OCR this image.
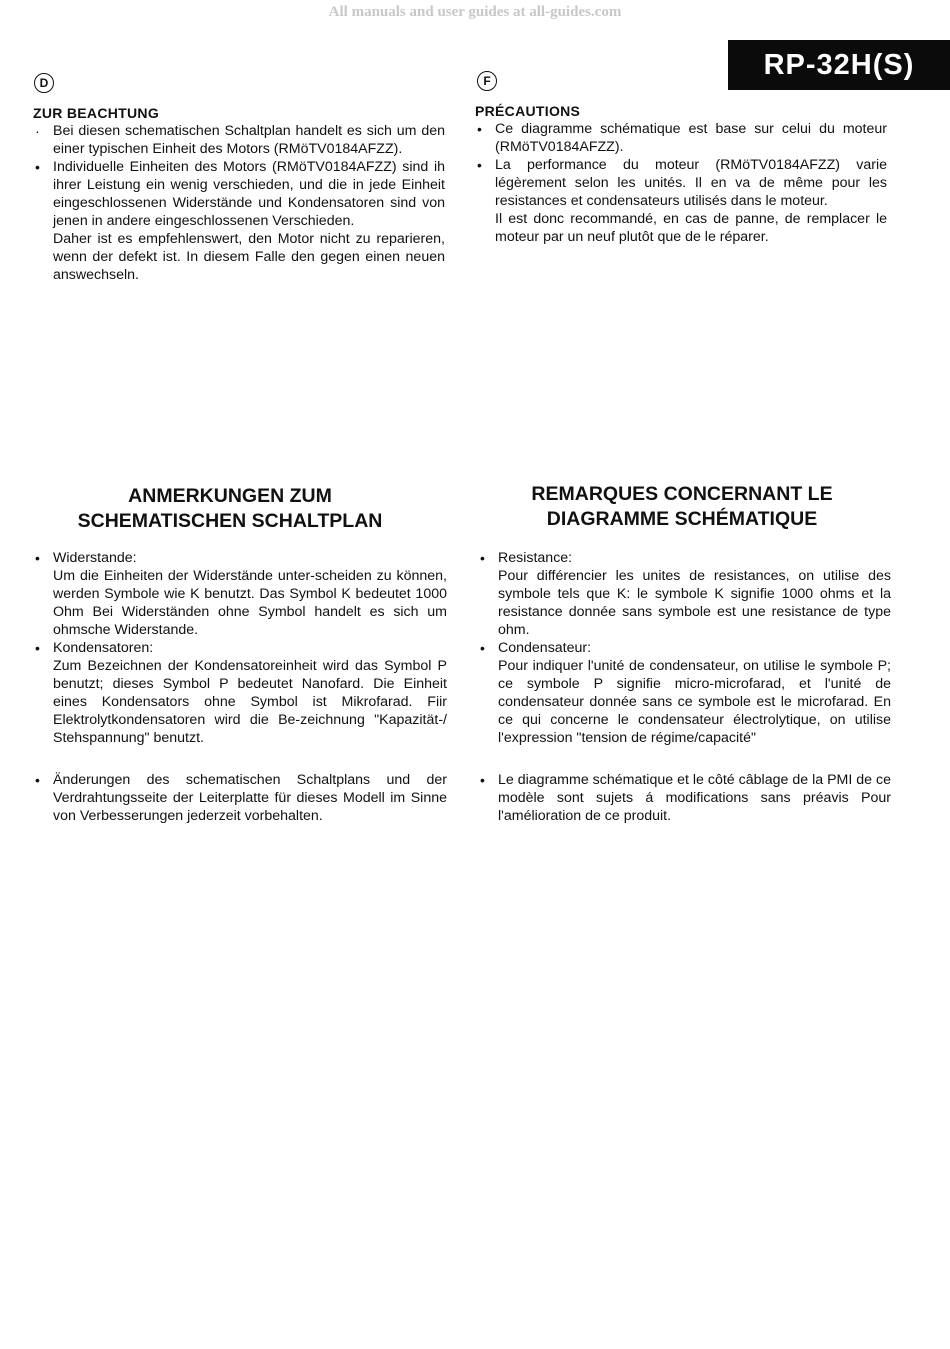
All manuals and user guides at all-guides.com
RP-32H(S)
D

ZUR BEACHTUNG

· Bei diesen schematischen Schaltplan handelt es sich um den einer typischen Einheit des Motors (RMöTV0184AFZZ).
• Individuelle Einheiten des Motors (RMöTV0184AFZZ) sind ih ihrer Leistung ein wenig verschieden, und die in jede Einheit eingeschlossenen Widerstände und Kondensatoren sind von jenen in andere eingeschlossenen Verschieden.

Daher ist es empfehlenswert, den Motor nicht zu reparieren, wenn der defekt ist. In diesem Falle den gegen einen neuen answechseln.

F

PRÉCAUTIONS

• Ce diagramme schématique est base sur celui du moteur (RMöTV0184AFZZ).
• La performance du moteur (RMöTV0184AFZZ) varie légèrement selon les unités. Il en va de même pour les resistances et condensateurs utilisés dans le moteur.

Il est donc recommandé, en cas de panne, de remplacer le moteur par un neuf plutôt que de le réparer.

ANMERKUNGEN ZUM
SCHEMATISCHEN SCHALTPLAN
REMARQUES CONCERNANT LE
DIAGRAMME SCHÉMATIQUE
• Widerstande:

Um die Einheiten der Widerstände unter-scheiden zu können, werden Symbole wie K benutzt. Das Symbol K bedeutet 1000 Ohm Bei Widerständen ohne Symbol handelt es sich um ohmsche Widerstande.

• Kondensatoren:

Zum Bezeichnen der Kondensatoreinheit wird das Symbol P benutzt; dieses Symbol P bedeutet Nanofard. Die Einheit eines Kondensators ohne Symbol ist Mikrofarad. Fiir Elektrolytkondensatoren wird die Be-zeichnung "Kapazität-/ Stehspannung" benutzt.

• Resistance:

Pour différencier les unites de resistances, on utilise des symbole tels que K: le symbole K signifie 1000 ohms et la resistance donnée sans symbole est une resistance de type ohm.

• Condensateur:

Pour indiquer l'unité de condensateur, on utilise le symbole P; ce symbole P signifie micro-microfarad, et l'unité de condensateur donnée sans ce symbole est le microfarad. En ce qui concerne le condensateur électrolytique, on utilise l'expression "tension de régime/capacité"

• Änderungen des schematischen Schaltplans und der Verdrahtungsseite der Leiterplatte für dieses Modell im Sinne von Verbesserungen jederzeit vorbehalten.
• Le diagramme schématique et le côté câblage de la PMI de ce modèle sont sujets á modifications sans préavis Pour l'amélioration de ce produit.
